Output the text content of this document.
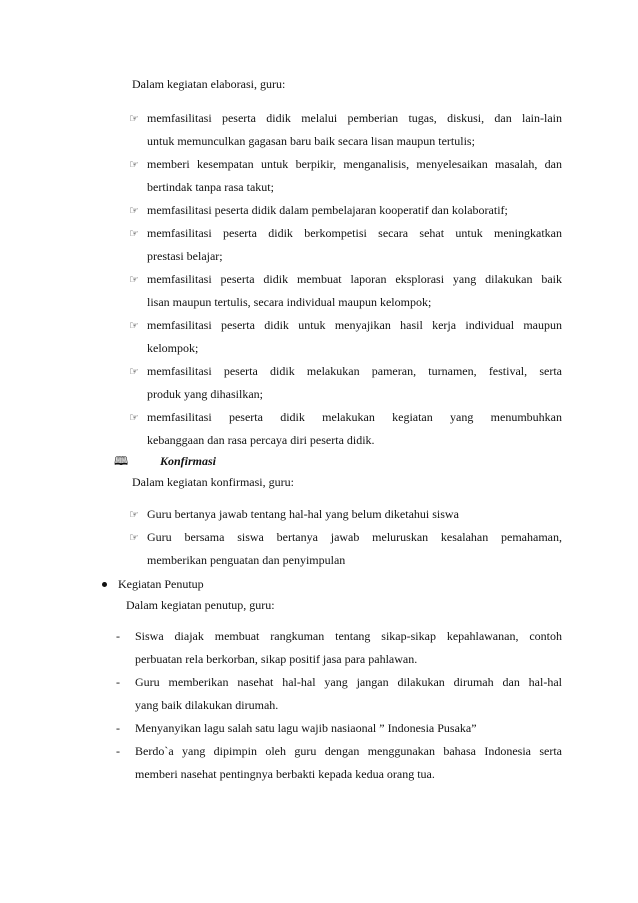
Dalam kegiatan elaborasi, guru:
☞ memfasilitasi peserta didik melalui pemberian tugas, diskusi, dan lain-lain
untuk memunculkan gagasan baru baik secara lisan maupun tertulis;
☞ memberi kesempatan untuk berpikir, menganalisis, menyelesaikan masalah, dan
bertindak tanpa rasa takut;
☞ memfasilitasi peserta didik dalam pembelajaran kooperatif dan kolaboratif;
☞ memfasilitasi peserta didik berkompetisi secara sehat untuk meningkatkan
prestasi belajar;
☞ memfasilitasi peserta didik membuat laporan eksplorasi yang dilakukan baik
lisan maupun tertulis, secara individual maupun kelompok;
☞ memfasilitasi peserta didik untuk menyajikan hasil kerja individual maupun
kelompok;
☞ memfasilitasi peserta didik melakukan pameran, turnamen, festival, serta
produk yang dihasilkan;
☞ memfasilitasi peserta didik melakukan kegiatan yang menumbuhkan
kebanggaan dan rasa percaya diri peserta didik.
🕮	Konfirmasi
Dalam kegiatan konfirmasi, guru:
☞ Guru bertanya jawab tentang hal-hal yang belum diketahui siswa
☞ Guru bersama siswa bertanya jawab meluruskan kesalahan pemahaman,
memberikan penguatan dan penyimpulan
Kegiatan Penutup
Dalam kegiatan penutup, guru:
- Siswa diajak membuat rangkuman tentang sikap-sikap kepahlawanan, contoh
perbuatan rela berkorban, sikap positif jasa para pahlawan.
- Guru memberikan nasehat hal-hal yang jangan dilakukan dirumah dan hal-hal
yang baik dilakukan dirumah.
- Menyanyikan lagu salah satu lagu wajib nasiaonal ” Indonesia Pusaka”
- Berdo`a yang dipimpin oleh guru dengan menggunakan bahasa Indonesia serta
memberi nasehat pentingnya berbakti kepada kedua orang tua.
